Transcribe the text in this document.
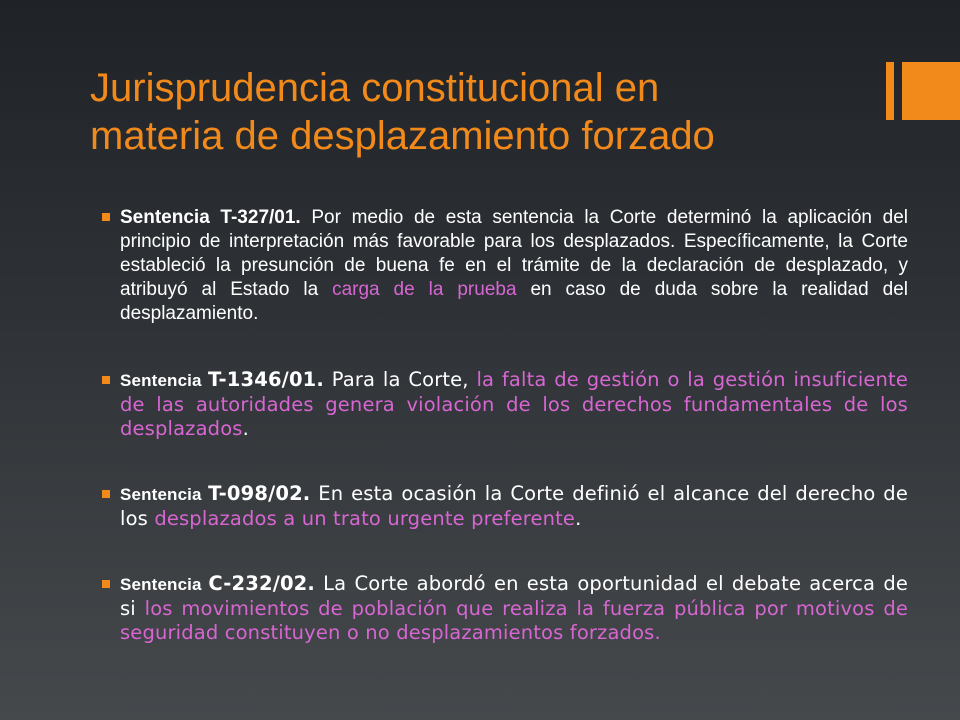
Jurisprudencia constitucional en
materia de desplazamiento forzado
Sentencia T-327/01. Por medio de esta sentencia la Corte determinó la aplicación del principio de interpretación más favorable para los desplazados. Específicamente, la Corte estableció la presunción de buena fe en el trámite de la declaración de desplazado, y atribuyó al Estado la carga de la prueba en caso de duda sobre la realidad del desplazamiento.
Sentencia T-1346/01. Para la Corte, la falta de gestión o la gestión insuficiente de las autoridades genera violación de los derechos fundamentales de los desplazados.
Sentencia T-098/02. En esta ocasión la Corte definió el alcance del derecho de los desplazados a un trato urgente preferente.
Sentencia C-232/02. La Corte abordó en esta oportunidad el debate acerca de si los movimientos de población que realiza la fuerza pública por motivos de seguridad constituyen o no desplazamientos forzados.
